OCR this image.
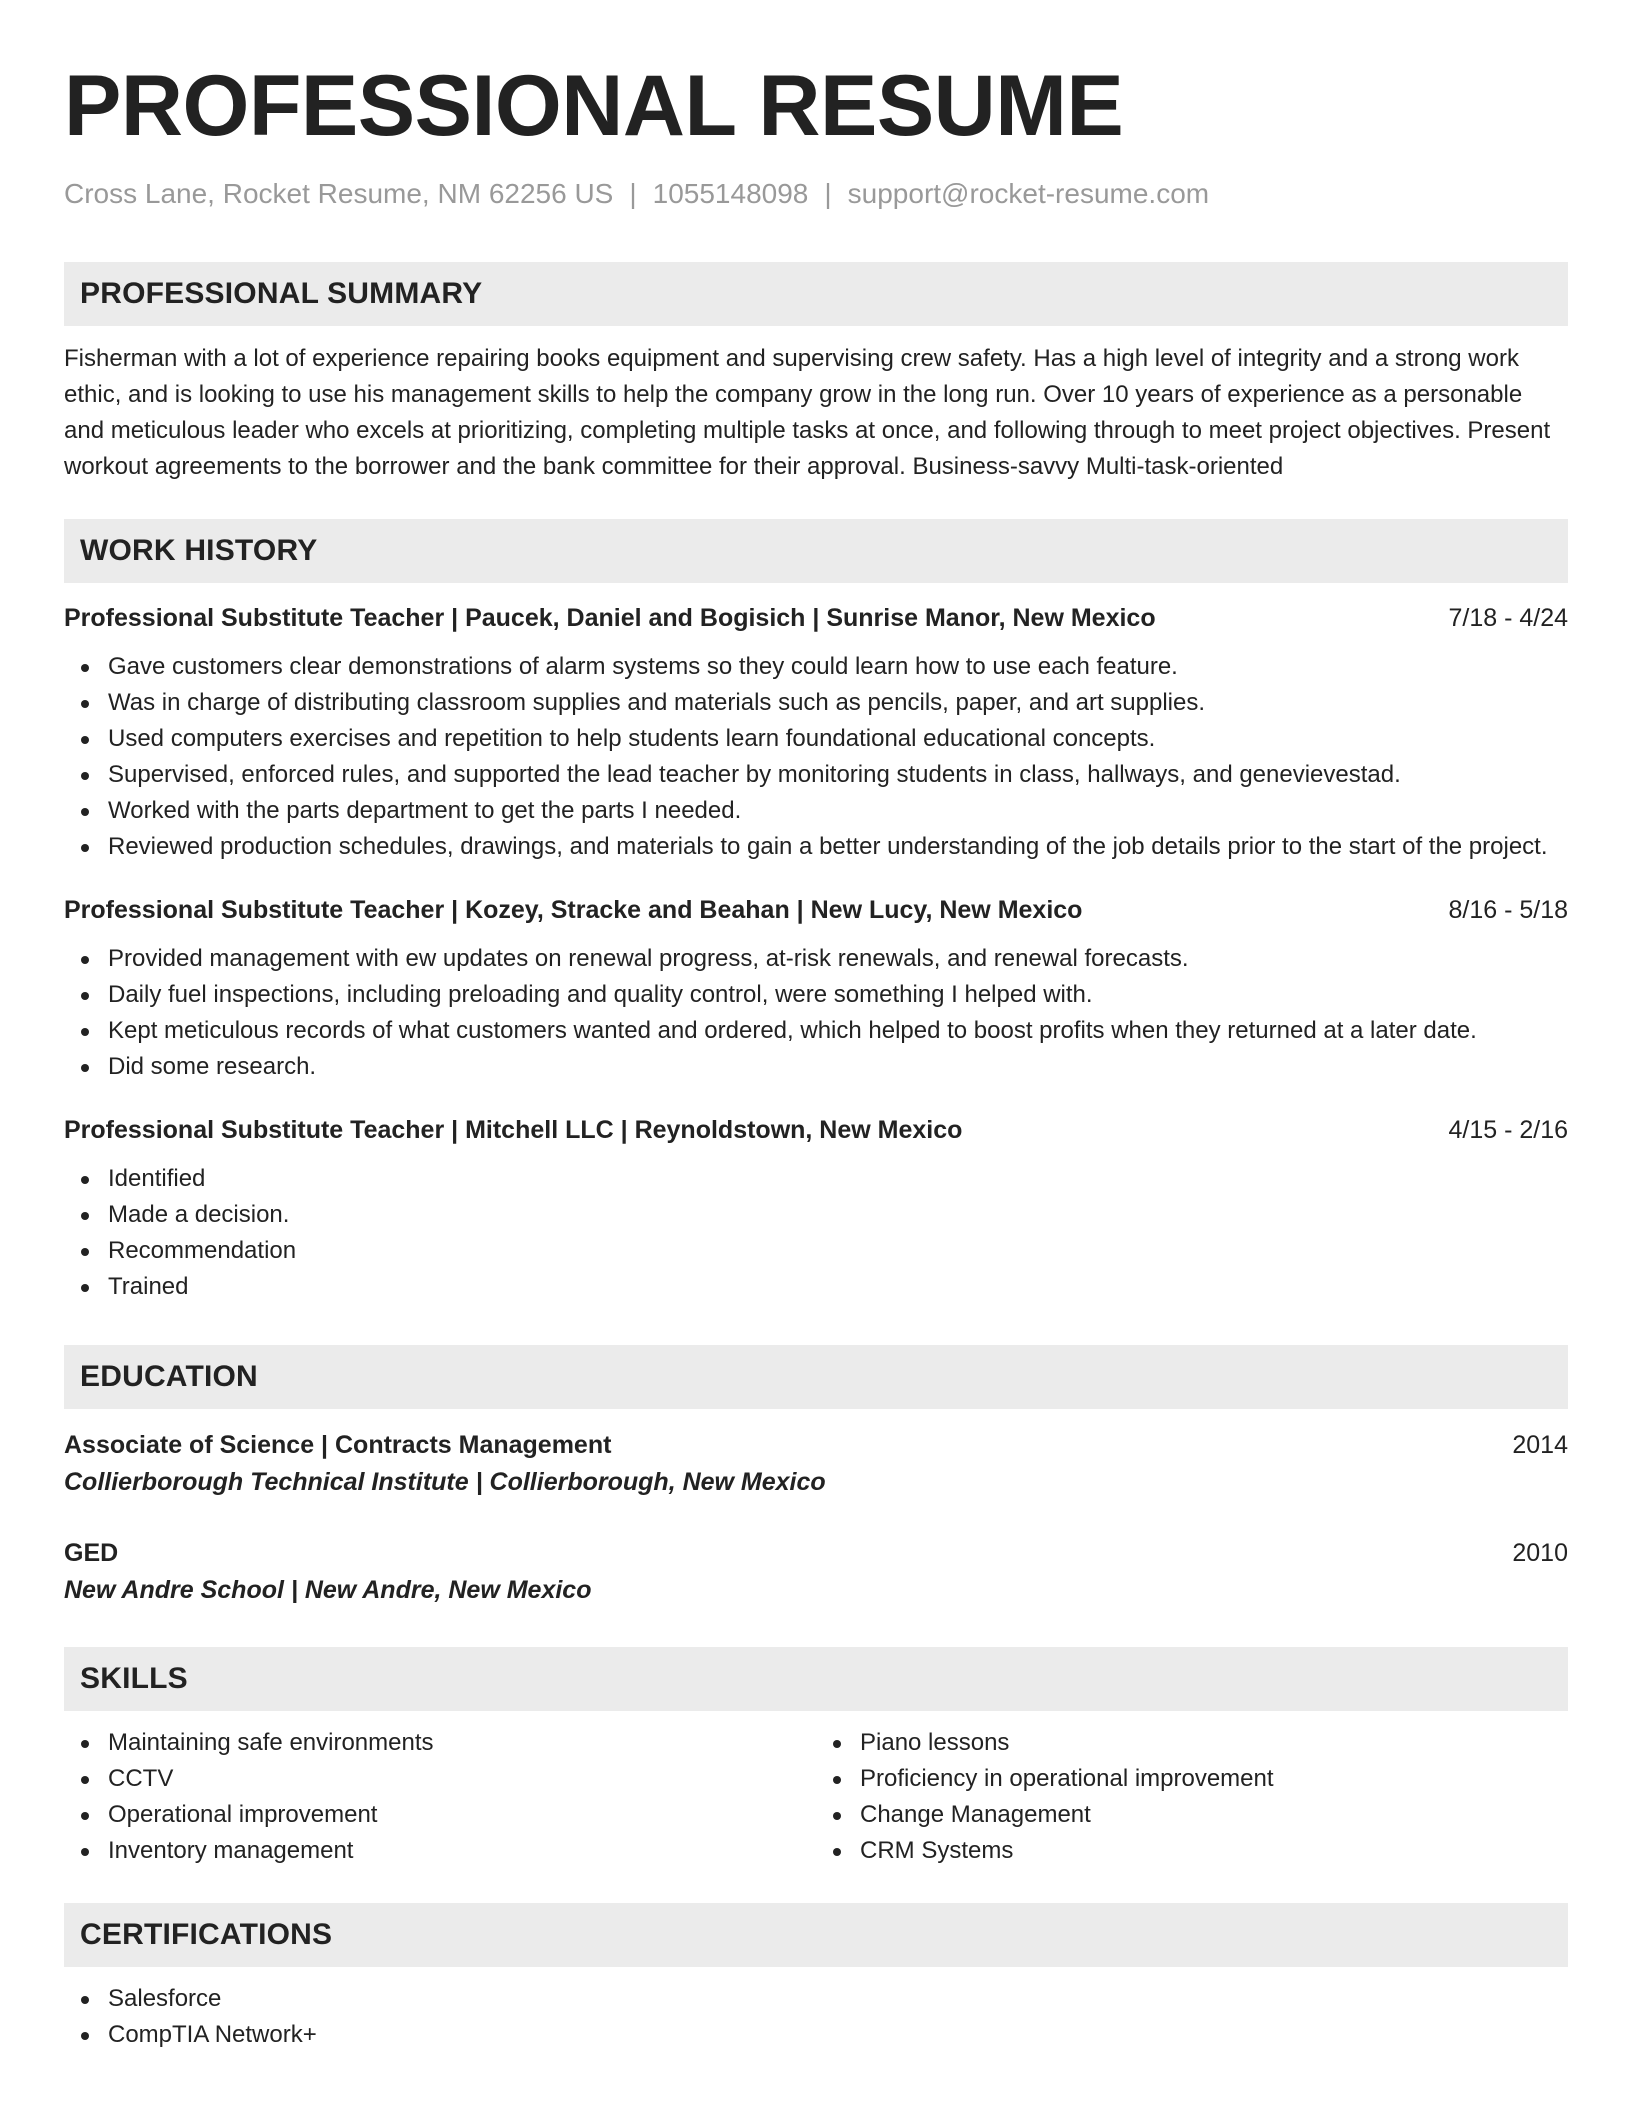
PROFESSIONAL RESUME
Cross Lane, Rocket Resume, NM 62256 US | 1055148098 | support@rocket-resume.com
PROFESSIONAL SUMMARY
Fisherman with a lot of experience repairing books equipment and supervising crew safety. Has a high level of integrity and a strong work ethic, and is looking to use his management skills to help the company grow in the long run. Over 10 years of experience as a personable and meticulous leader who excels at prioritizing, completing multiple tasks at once, and following through to meet project objectives. Present workout agreements to the borrower and the bank committee for their approval. Business-savvy Multi-task-oriented
WORK HISTORY
Professional Substitute Teacher | Paucek, Daniel and Bogisich | Sunrise Manor, New Mexico	7/18 - 4/24
Gave customers clear demonstrations of alarm systems so they could learn how to use each feature.
Was in charge of distributing classroom supplies and materials such as pencils, paper, and art supplies.
Used computers exercises and repetition to help students learn foundational educational concepts.
Supervised, enforced rules, and supported the lead teacher by monitoring students in class, hallways, and genevievestad.
Worked with the parts department to get the parts I needed.
Reviewed production schedules, drawings, and materials to gain a better understanding of the job details prior to the start of the project.
Professional Substitute Teacher | Kozey, Stracke and Beahan | New Lucy, New Mexico	8/16 - 5/18
Provided management with ew updates on renewal progress, at-risk renewals, and renewal forecasts.
Daily fuel inspections, including preloading and quality control, were something I helped with.
Kept meticulous records of what customers wanted and ordered, which helped to boost profits when they returned at a later date.
Did some research.
Professional Substitute Teacher | Mitchell LLC | Reynoldstown, New Mexico	4/15 - 2/16
Identified
Made a decision.
Recommendation
Trained
EDUCATION
Associate of Science | Contracts Management	2014
Collierborough Technical Institute | Collierborough, New Mexico
GED	2010
New Andre School | New Andre, New Mexico
SKILLS
Maintaining safe environments
CCTV
Operational improvement
Inventory management
Piano lessons
Proficiency in operational improvement
Change Management
CRM Systems
CERTIFICATIONS
Salesforce
CompTIA Network+
